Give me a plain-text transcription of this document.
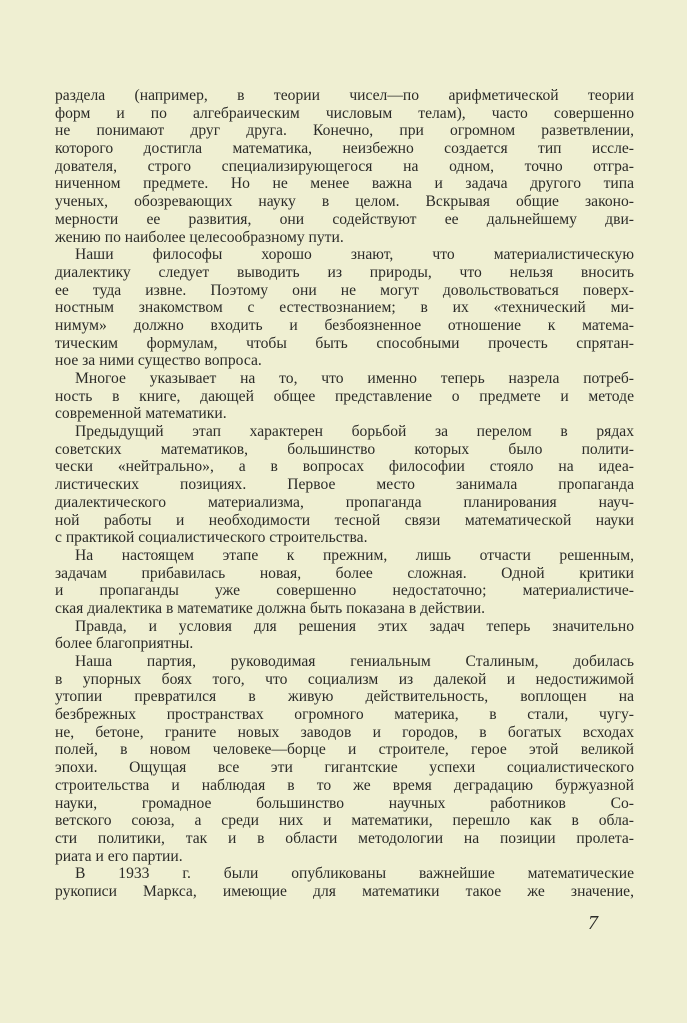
раздела (например, в теории чисел—по арифметической теории
форм и по алгебраическим числовым телам), часто совершенно
не понимают друг друга. Конечно, при огромном разветвлении,
которого достигла математика, неизбежно создается тип иссле-
дователя, строго специализирующегося на одном, точно отгра-
ниченном предмете. Но не менее важна и задача другого типа
ученых, обозревающих науку в целом. Вскрывая общие законо-
мерности ее развития, они содействуют ее дальнейшему дви-
жению по наиболее целесообразному пути.
Наши философы хорошо знают, что материалистическую
диалектику следует выводить из природы, что нельзя вносить
ее туда извне. Поэтому они не могут довольствоваться поверх-
ностным знакомством с естествознанием; в их «технический ми-
нимум» должно входить и безбоязненное отношение к матема-
тическим формулам, чтобы быть способными прочесть спрятан-
ное за ними существо вопроса.
Многое указывает на то, что именно теперь назрела потреб-
ность в книге, дающей общее представление о предмете и методе
современной математики.
Предыдущий этап характерен борьбой за перелом в рядах
советских математиков, большинство которых было полити-
чески «нейтрально», а в вопросах философии стояло на идеа-
листических позициях. Первое место занимала пропаганда
диалектического материализма, пропаганда планирования науч-
ной работы и необходимости тесной связи математической науки
с практикой социалистического строительства.
На настоящем этапе к прежним, лишь отчасти решенным,
задачам прибавилась новая, более сложная. Одной критики
и пропаганды уже совершенно недостаточно; материалистиче-
ская диалектика в математике должна быть показана в действии.
Правда, и условия для решения этих задач теперь значительно
более благоприятны.
Наша партия, руководимая гениальным Сталиным, добилась
в упорных боях того, что социализм из далекой и недостижимой
утопии превратился в живую действительность, воплощен на
безбрежных пространствах огромного материка, в стали, чугу-
не, бетоне, граните новых заводов и городов, в богатых всходах
полей, в новом человеке—борце и строителе, герое этой великой
эпохи. Ощущая все эти гигантские успехи социалистического
строительства и наблюдая в то же время деградацию буржуазной
науки, громадное большинство научных работников Со-
ветского союза, а среди них и математики, перешло как в обла-
сти политики, так и в области методологии на позиции пролета-
риата и его партии.
В 1933 г. были опубликованы важнейшие математические
рукописи Маркса, имеющие для математики такое же значение,
7
